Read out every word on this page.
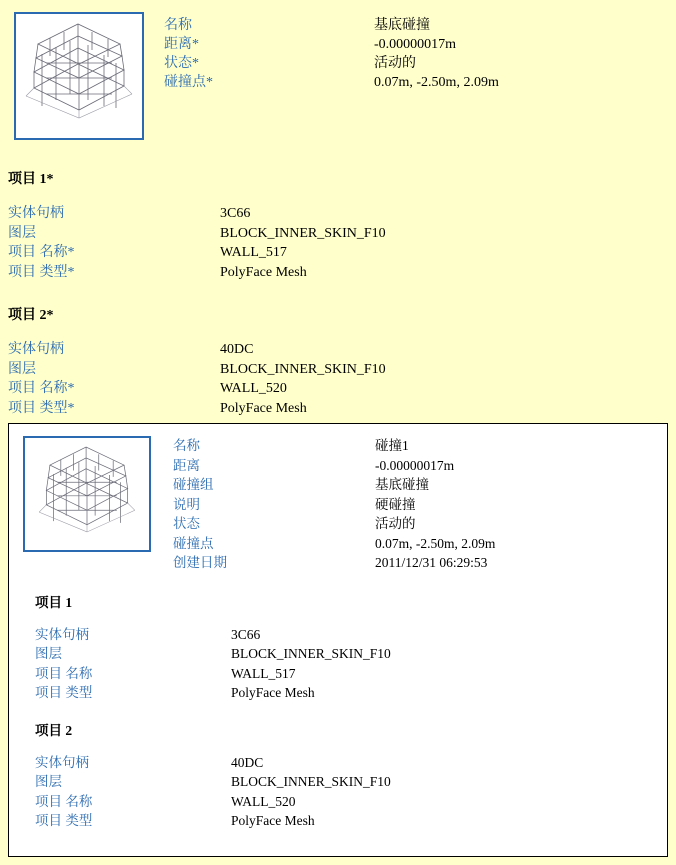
名称	基底碰撞
距离*	-0.00000017m
状态*	活动的
碰撞点*	0.07m, -2.50m, 2.09m
项目 1*
实体句柄	3C66
图层	BLOCK_INNER_SKIN_F10
项目 名称*	WALL_517
项目 类型*	PolyFace Mesh
项目 2*
实体句柄	40DC
图层	BLOCK_INNER_SKIN_F10
项目 名称*	WALL_520
项目 类型*	PolyFace Mesh
名称	碰撞1
距离	-0.00000017m
碰撞组	基底碰撞
说明	硬碰撞
状态	活动的
碰撞点	0.07m, -2.50m, 2.09m
创建日期	2011/12/31 06:29:53
项目 1
实体句柄	3C66
图层	BLOCK_INNER_SKIN_F10
项目 名称	WALL_517
项目 类型	PolyFace Mesh
项目 2
实体句柄	40DC
图层	BLOCK_INNER_SKIN_F10
项目 名称	WALL_520
项目 类型	PolyFace Mesh
